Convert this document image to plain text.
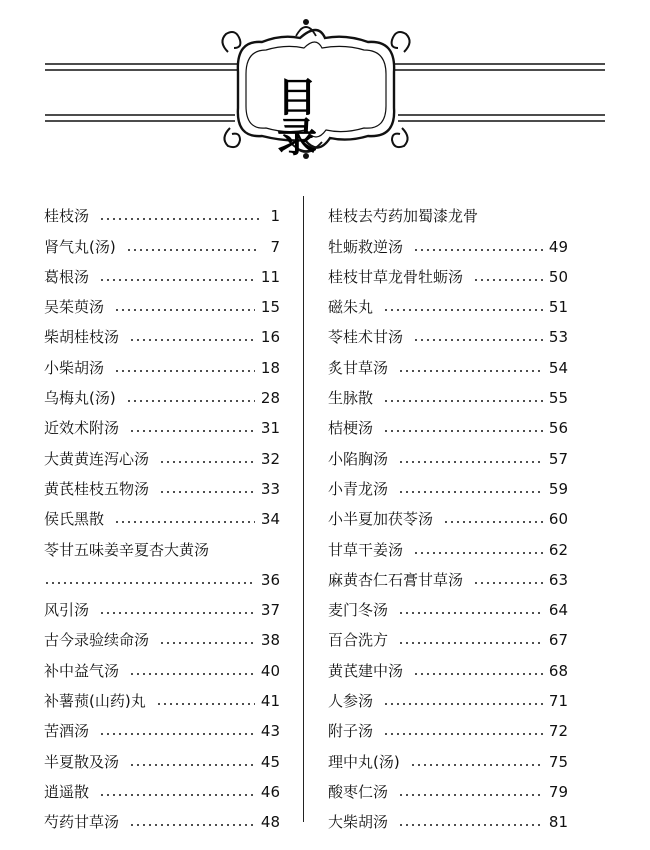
目 录
桂枝汤	1
肾气丸(汤)	7
葛根汤	11
吴茱萸汤	15
柴胡桂枝汤	16
小柴胡汤	18
乌梅丸(汤)	28
近效术附汤	31
大黄黄连泻心汤	32
黄芪桂枝五物汤	33
侯氏黑散	34
苓甘五味姜辛夏杏大黄汤
36
风引汤	37
古今录验续命汤	38
补中益气汤	40
补薯蓣(山药)丸	41
苦酒汤	43
半夏散及汤	45
逍遥散	46
芍药甘草汤	48
桂枝去芍药加蜀漆龙骨
牡蛎救逆汤	49
桂枝甘草龙骨牡蛎汤	50
磁朱丸	51
苓桂术甘汤	53
炙甘草汤	54
生脉散	55
桔梗汤	56
小陷胸汤	57
小青龙汤	59
小半夏加茯苓汤	60
甘草干姜汤	62
麻黄杏仁石膏甘草汤	63
麦门冬汤	64
百合洗方	67
黄芪建中汤	68
人参汤	71
附子汤	72
理中丸(汤)	75
酸枣仁汤	79
大柴胡汤	81
